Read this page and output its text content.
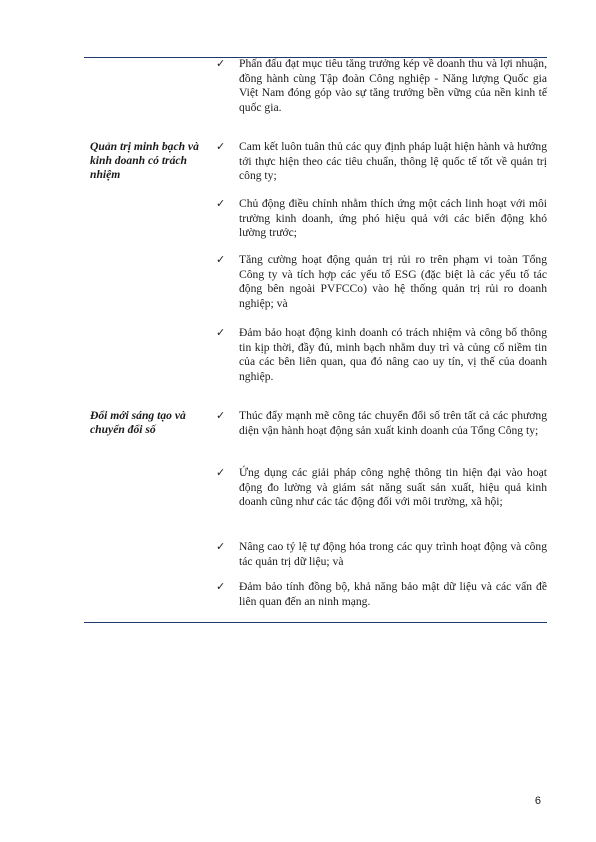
✓ Phấn đấu đạt mục tiêu tăng trưởng kép về doanh thu và lợi nhuận, đồng hành cùng Tập đoàn Công nghiệp - Năng lượng Quốc gia Việt Nam đóng góp vào sự tăng trưởng bền vững của nền kinh tế quốc gia.
Quản trị minh bạch và kinh doanh có trách nhiệm
✓ Cam kết luôn tuân thủ các quy định pháp luật hiện hành và hướng tới thực hiện theo các tiêu chuẩn, thông lệ quốc tế tốt về quản trị công ty;
✓ Chủ động điều chỉnh nhằm thích ứng một cách linh hoạt với môi trường kinh doanh, ứng phó hiệu quả với các biến động khó lường trước;
✓ Tăng cường hoạt động quản trị rủi ro trên phạm vi toàn Tổng Công ty và tích hợp các yếu tố ESG (đặc biệt là các yếu tố tác động bên ngoài PVFCCo) vào hệ thống quản trị rủi ro doanh nghiệp; và
✓ Đảm bảo hoạt động kinh doanh có trách nhiệm và công bố thông tin kịp thời, đầy đủ, minh bạch nhằm duy trì và củng cố niềm tin của các bên liên quan, qua đó nâng cao uy tín, vị thế của doanh nghiệp.
Đổi mới sáng tạo và chuyển đổi số
✓ Thúc đẩy mạnh mẽ công tác chuyển đổi số trên tất cả các phương diện vận hành hoạt động sản xuất kinh doanh của Tổng Công ty;
✓ Ứng dụng các giải pháp công nghệ thông tin hiện đại vào hoạt động đo lường và giám sát năng suất sản xuất, hiệu quả kinh doanh cũng như các tác động đối với môi trường, xã hội;
✓ Nâng cao tỷ lệ tự động hóa trong các quy trình hoạt động và công tác quản trị dữ liệu; và
✓ Đảm bảo tính đồng bộ, khả năng bảo mật dữ liệu và các vấn đề liên quan đến an ninh mạng.
6
